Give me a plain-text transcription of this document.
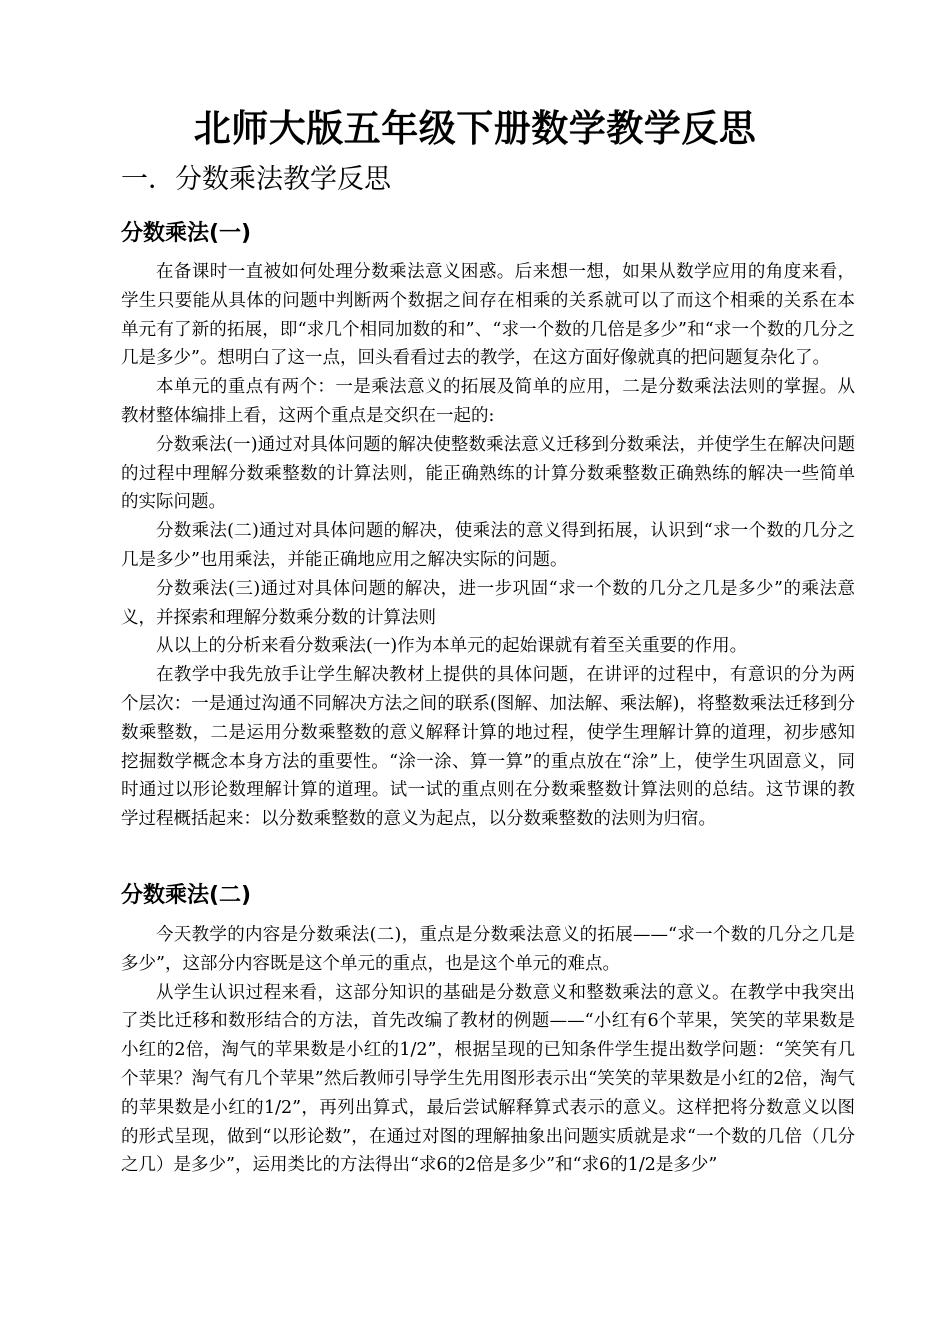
北师大版五年级下册数学教学反思
一．分数乘法教学反思
分数乘法(一)

在备课时一直被如何处理分数乘法意义困惑。后来想一想，如果从数学应用的角度来看，学生只要能从具体的问题中判断两个数据之间存在相乘的关系就可以了而这个相乘的关系在本单元有了新的拓展，即“求几个相同加数的和”、“求一个数的几倍是多少”和“求一个数的几分之几是多少”。想明白了这一点，回头看看过去的教学，在这方面好像就真的把问题复杂化了。

本单元的重点有两个：一是乘法意义的拓展及简单的应用，二是分数乘法法则的掌握。从教材整体编排上看，这两个重点是交织在一起的:

分数乘法(一)通过对具体问题的解决使整数乘法意义迁移到分数乘法，并使学生在解决问题的过程中理解分数乘整数的计算法则，能正确熟练的计算分数乘整数正确熟练的解决一些简单的实际问题。

分数乘法(二)通过对具体问题的解决，使乘法的意义得到拓展，认识到“求一个数的几分之几是多少”也用乘法，并能正确地应用之解决实际的问题。

分数乘法(三)通过对具体问题的解决，进一步巩固“求一个数的几分之几是多少”的乘法意义，并探索和理解分数乘分数的计算法则

从以上的分析来看分数乘法(一)作为本单元的起始课就有着至关重要的作用。

在教学中我先放手让学生解决教材上提供的具体问题，在讲评的过程中，有意识的分为两个层次：一是通过沟通不同解决方法之间的联系(图解、加法解、乘法解)，将整数乘法迁移到分数乘整数，二是运用分数乘整数的意义解释计算的地过程，使学生理解计算的道理，初步感知挖掘数学概念本身方法的重要性。“涂一涂、算一算”的重点放在“涂”上，使学生巩固意义，同时通过以形论数理解计算的道理。试一试的重点则在分数乘整数计算法则的总结。这节课的教学过程概括起来：以分数乘整数的意义为起点，以分数乘整数的法则为归宿。

分数乘法(二)

今天教学的内容是分数乘法(二)，重点是分数乘法意义的拓展——“求一个数的几分之几是多少”，这部分内容既是这个单元的重点，也是这个单元的难点。

从学生认识过程来看，这部分知识的基础是分数意义和整数乘法的意义。在教学中我突出了类比迁移和数形结合的方法，首先改编了教材的例题——“小红有6个苹果，笑笑的苹果数是小红的2倍，淘气的苹果数是小红的1/2”，根据呈现的已知条件学生提出数学问题：“笑笑有几个苹果？淘气有几个苹果”然后教师引导学生先用图形表示出“笑笑的苹果数是小红的2倍，淘气的苹果数是小红的1/2”，再列出算式，最后尝试解释算式表示的意义。这样把将分数意义以图的形式呈现，做到“以形论数”，在通过对图的理解抽象出问题实质就是求“一个数的几倍（几分之几）是多少”，运用类比的方法得出“求6的2倍是多少”和“求6的1/2是多少”
